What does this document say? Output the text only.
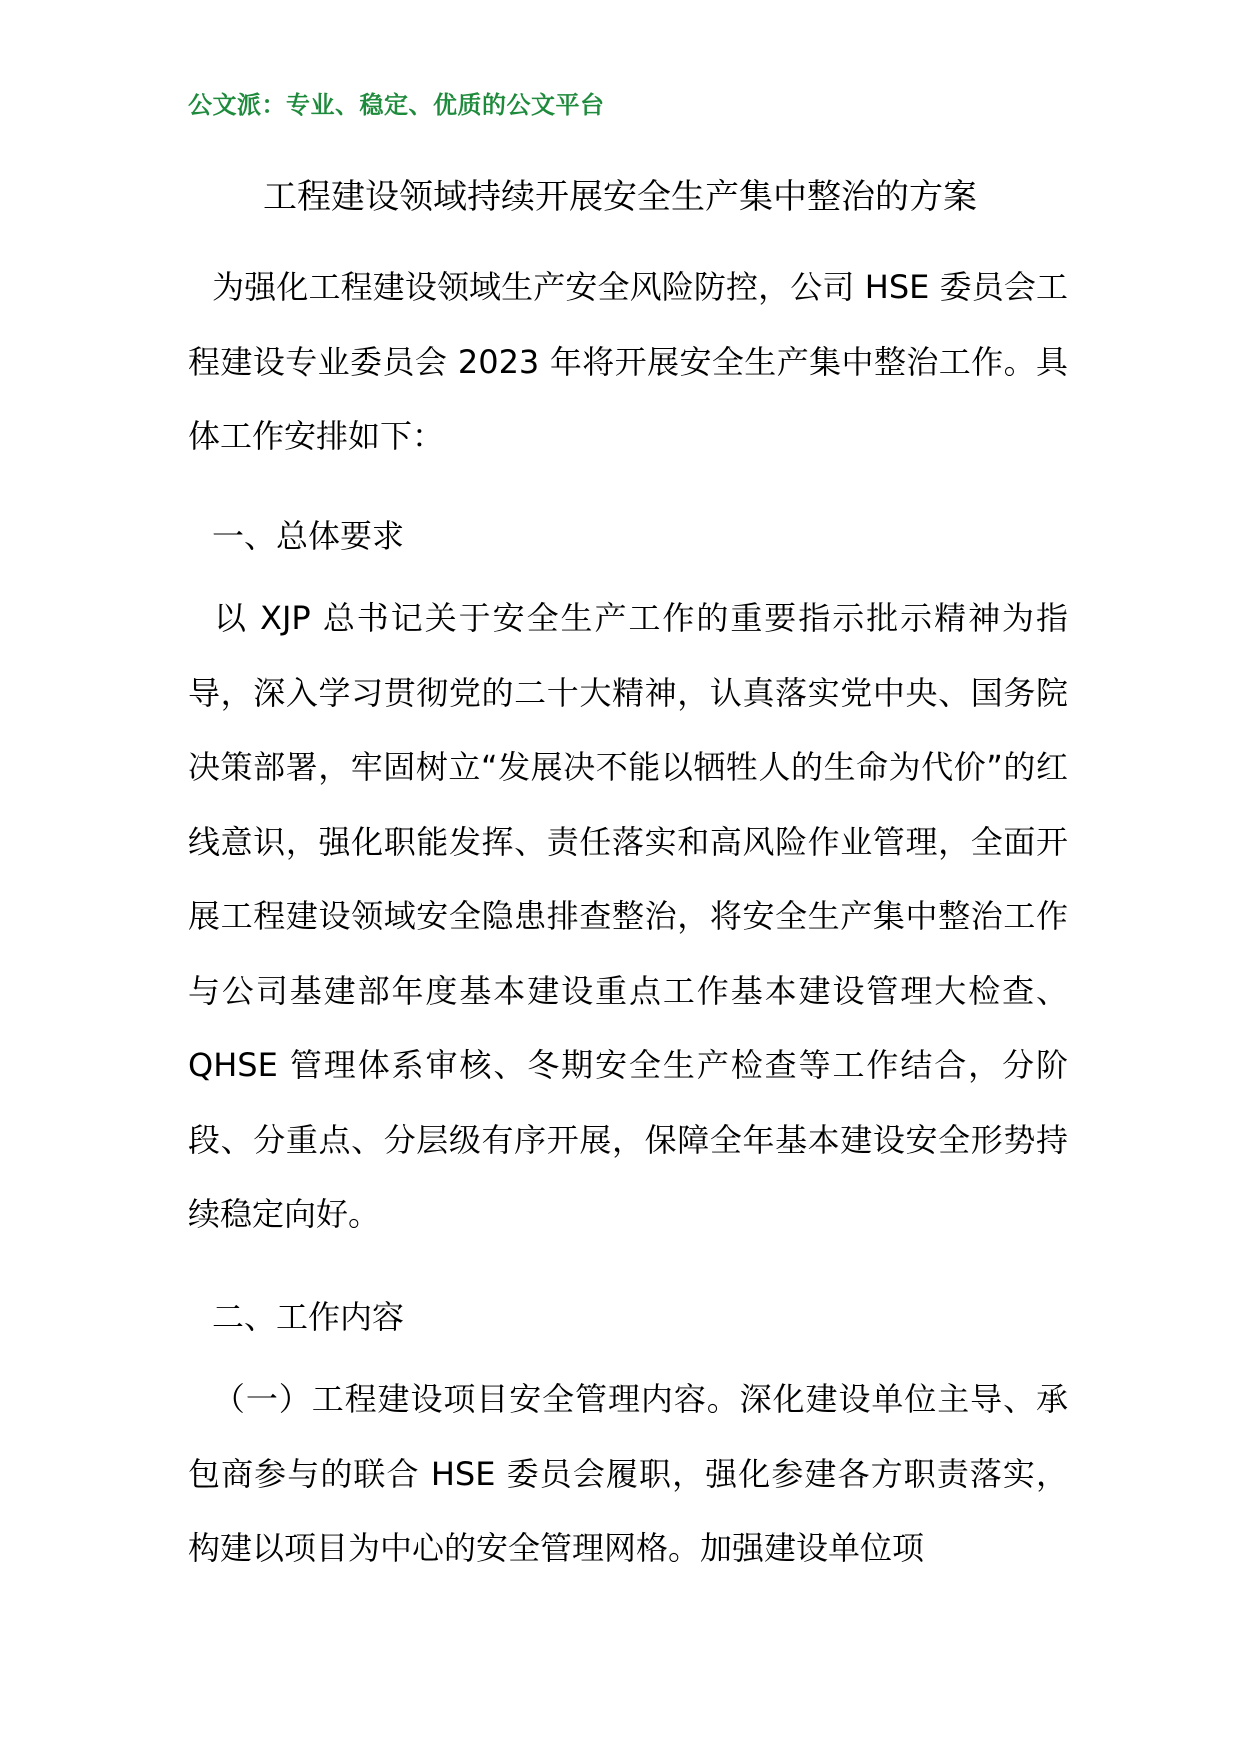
公文派：专业、稳定、优质的公文平台
工程建设领域持续开展安全生产集中整治的方案

为强化工程建设领域生产安全风险防控，公司 HSE 委员会工程建设专业委员会 2023 年将开展安全生产集中整治工作。具体工作安排如下：

一、总体要求

以 XJP 总书记关于安全生产工作的重要指示批示精神为指导，深入学习贯彻党的二十大精神，认真落实党中央、国务院决策部署，牢固树立“发展决不能以牺牲人的生命为代价”的红线意识，强化职能发挥、责任落实和高风险作业管理，全面开展工程建设领域安全隐患排查整治，将安全生产集中整治工作与公司基建部年度基本建设重点工作基本建设管理大检查、QHSE 管理体系审核、冬期安全生产检查等工作结合，分阶段、分重点、分层级有序开展，保障全年基本建设安全形势持续稳定向好。

二、工作内容

（一）工程建设项目安全管理内容。深化建设单位主导、承包商参与的联合 HSE 委员会履职，强化参建各方职责落实，构建以项目为中心的安全管理网格。加强建设单位项
